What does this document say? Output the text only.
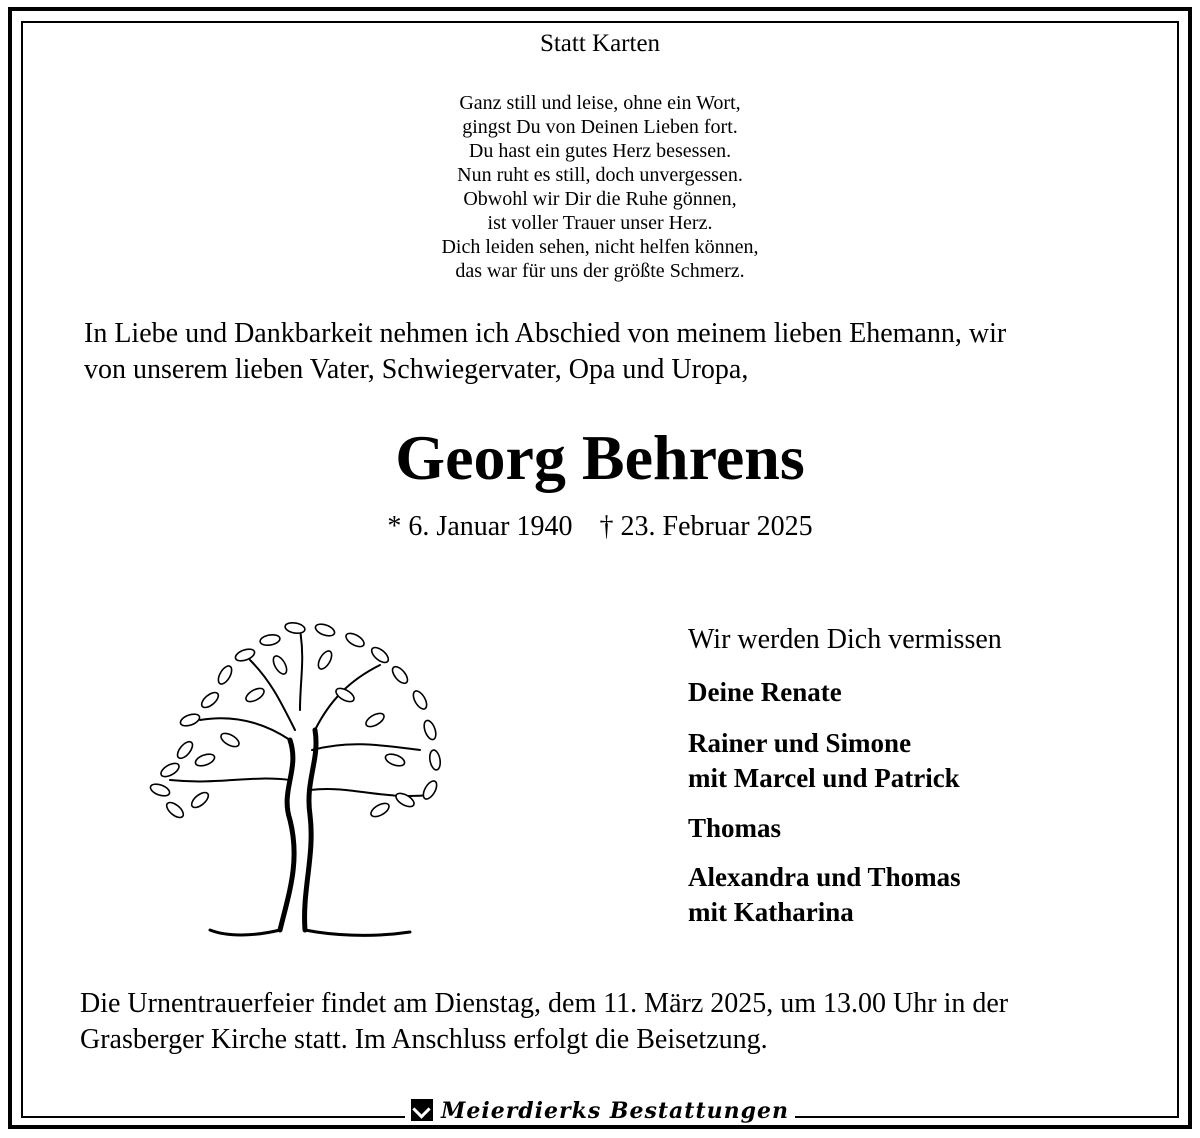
Statt Karten
Ganz still und leise, ohne ein Wort,
gingst Du von Deinen Lieben fort.
Du hast ein gutes Herz besessen.
Nun ruht es still, doch unvergessen.
Obwohl wir Dir die Ruhe gönnen,
ist voller Trauer unser Herz.
Dich leiden sehen, nicht helfen können,
das war für uns der größte Schmerz.
In Liebe und Dankbarkeit nehmen ich Abschied von meinem lieben Ehemann, wir
von unserem lieben Vater, Schwiegervater, Opa und Uropa,
Georg Behrens
* 6. Januar 1940 † 23. Februar 2025
Wir werden Dich vermissen
Deine Renate
Rainer und Simone
mit Marcel und Patrick
Thomas
Alexandra und Thomas
mit Katharina
Die Urnentrauerfeier findet am Dienstag, dem 11. März 2025, um 13.00 Uhr in der
Grasberger Kirche statt. Im Anschluss erfolgt die Beisetzung.
Meierdierks Bestattungen
